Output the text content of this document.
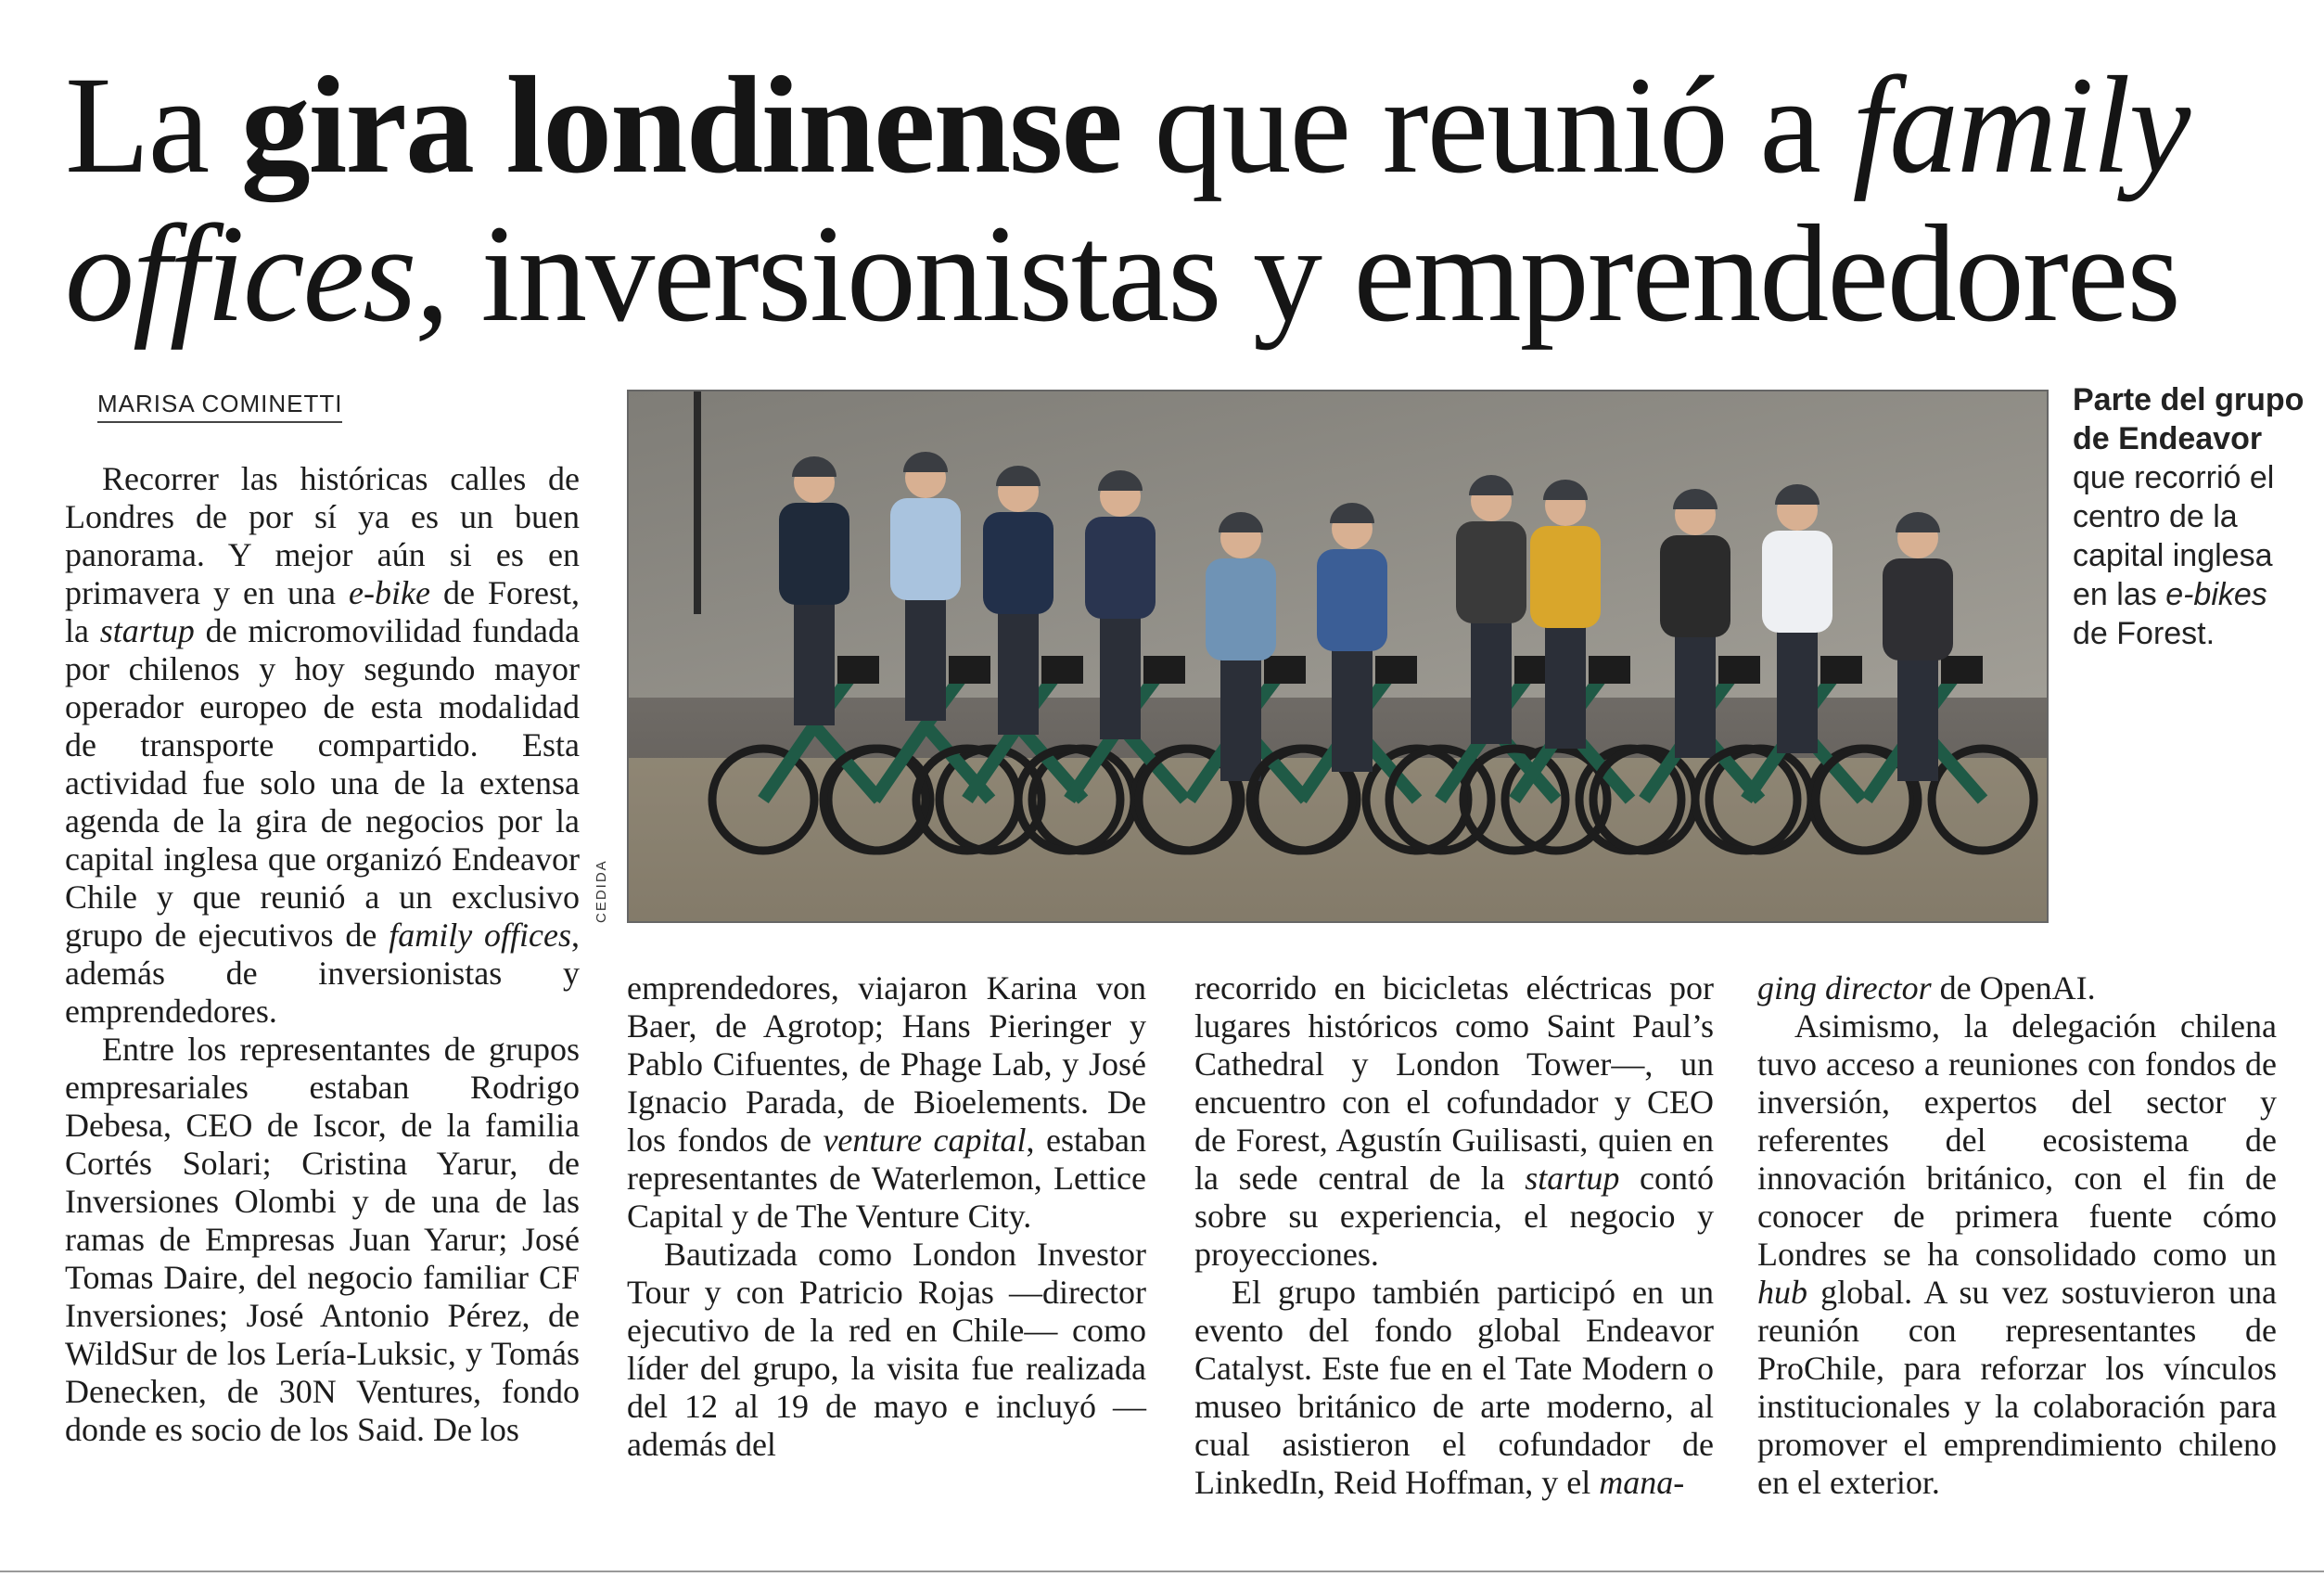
La gira londinense que reunió a family offices, inversionistas y emprendedores
MARISA COMINETTI
CEDIDA
Parte del grupo de Endeavor
que recorrió el centro de la capital inglesa en las e-bikes de Forest.

Recorrer las históricas calles de Londres de por sí ya es un buen panorama. Y mejor aún si es en primavera y en una e-bike de Forest, la startup de micromovilidad fundada por chilenos y hoy segundo mayor operador europeo de esta modalidad de transporte compartido. Esta actividad fue solo una de la extensa agenda de la gira de negocios por la capital inglesa que organizó Endeavor Chile y que reunió a un exclusivo grupo de ejecutivos de family offices, además de inversionistas y emprendedores.

Entre los representantes de grupos empresariales estaban Rodrigo Debesa, CEO de Iscor, de la familia Cortés Solari; Cristina Yarur, de Inversiones Olombi y de una de las ramas de Empresas Juan Yarur; José Tomas Daire, del negocio familiar CF Inversiones; José Antonio Pérez, de WildSur de los Lería-Luksic, y Tomás Denecken, de 30N Ventures, fondo donde es socio de los Said. De los

emprendedores, viajaron Karina von Baer, de Agrotop; Hans Pieringer y Pablo Cifuentes, de Phage Lab, y José Ignacio Parada, de Bioelements. De los fondos de venture capital, estaban representantes de Waterlemon, Lettice Capital y de The Venture City.

Bautizada como London Investor Tour y con Patricio Rojas —director ejecutivo de la red en Chile— como líder del grupo, la visita fue realizada del 12 al 19 de mayo e incluyó —además del

recorrido en bicicletas eléctricas por lugares históricos como Saint Paul’s Cathedral y London Tower—, un encuentro con el cofundador y CEO de Forest, Agustín Guilisasti, quien en la sede central de la startup contó sobre su experiencia, el negocio y proyecciones.

El grupo también participó en un evento del fondo global Endeavor Catalyst. Este fue en el Tate Modern o museo británico de arte moderno, al cual asistieron el cofundador de LinkedIn, Reid Hoffman, y el mana-

ging director de OpenAI.

Asimismo, la delegación chilena tuvo acceso a reuniones con fondos de inversión, expertos del sector y referentes del ecosistema de innovación británico, con el fin de conocer de primera fuente cómo Londres se ha consolidado como un hub global. A su vez sostuvieron una reunión con representantes de ProChile, para reforzar los vínculos institucionales y la colaboración para promover el emprendimiento chileno en el exterior.
